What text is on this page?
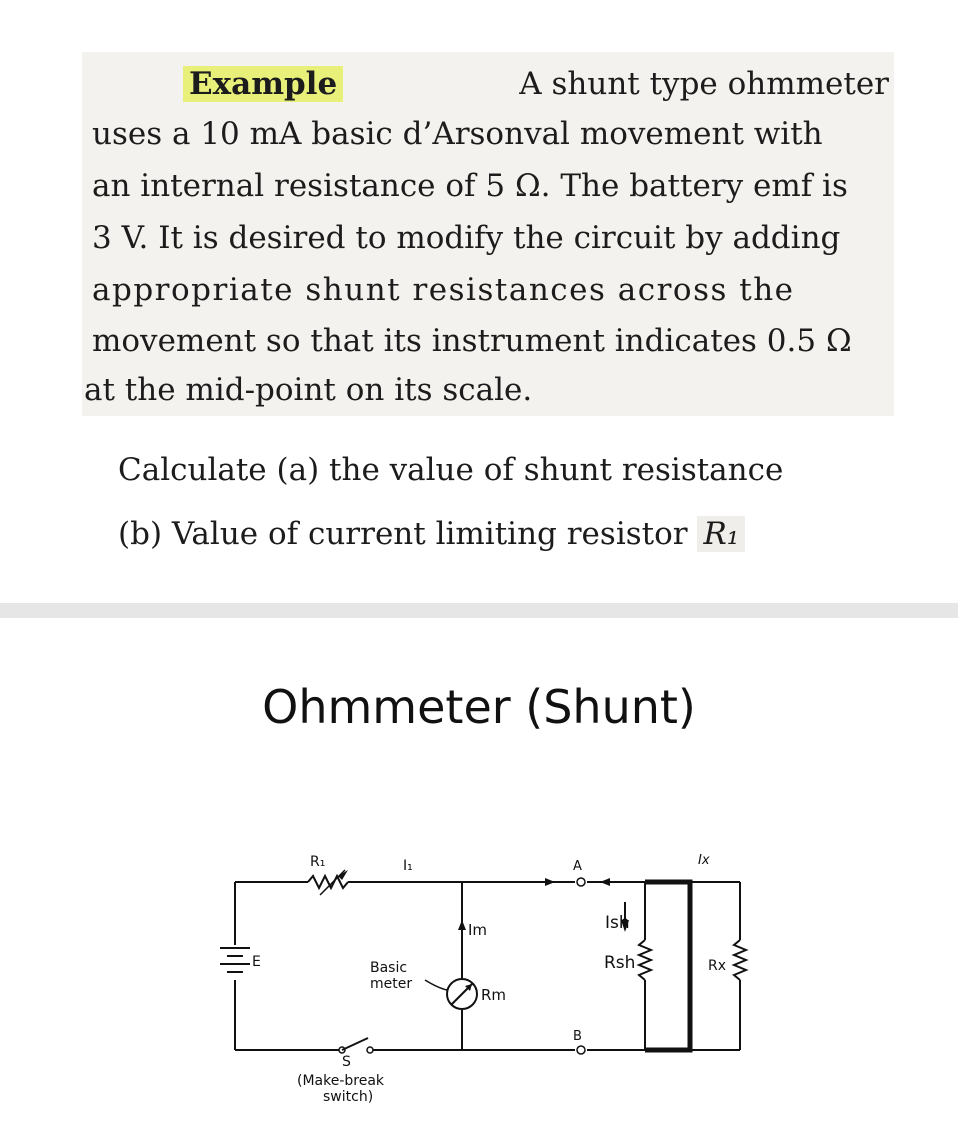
Example	A shunt type ohmmeter
uses a 10 mA basic d’Arsonval movement with
an internal resistance of 5 Ω. The battery emf is
3 V. It is desired to modify the circuit by adding
appropriate shunt resistances across the
movement so that its instrument indicates 0.5 Ω
at the mid-point on its scale.
Calculate (a) the value of shunt resistance
(b) Value of current limiting resistor R₁
Ohmmeter (Shunt)
R₁	I₁
E	Basic
meter
Im
Rm
A
B
Ix
Ish
Rsh	Rx
S
(Make-break
switch)
